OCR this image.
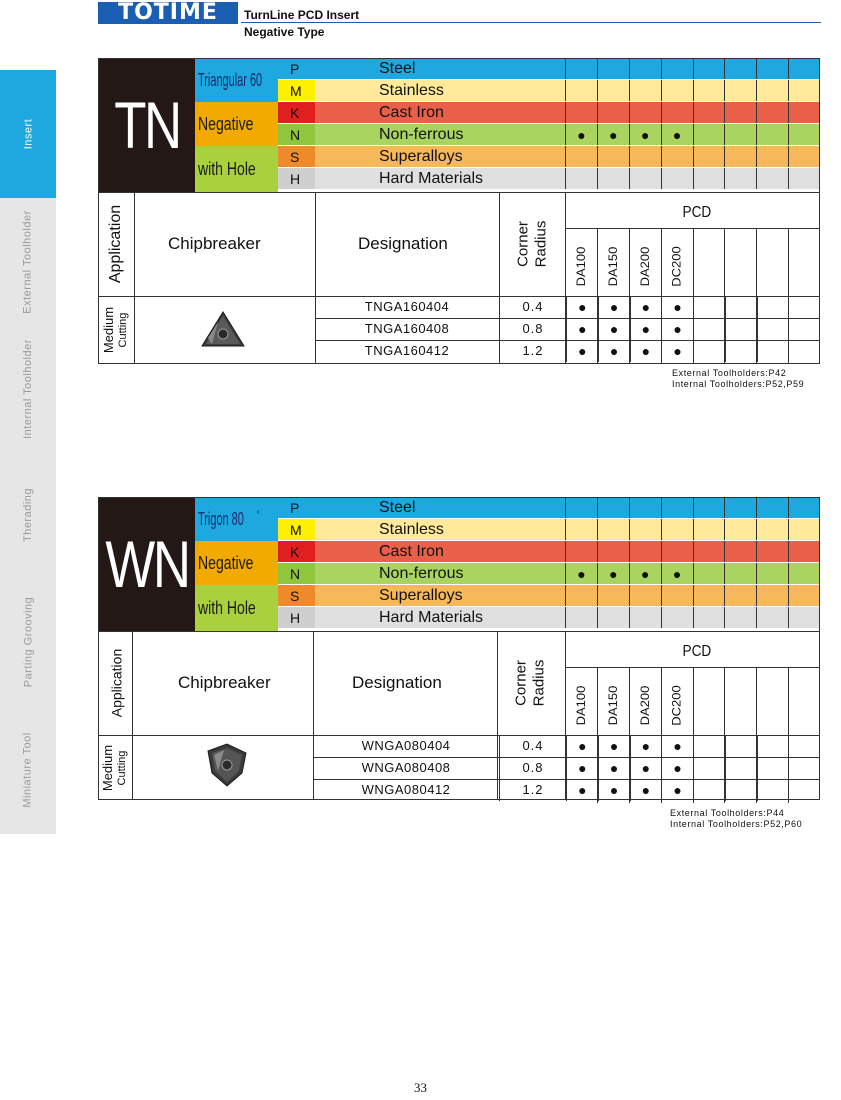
TOTIME	TurnLine PCD Insert
Negative Type
Insert
External Toolholder
Internal Toolholder
Therading
Parting Grooving
Miniature Tool
TN
Triangular 60
Negative
with Hole
P	Steel
M	Stainless
K	Cast Iron
N	Non-ferrous	●	●	●	●
S	Superalloys
H	Hard Materials
Application	Chipbreaker	Designation	Corner
Radius
PCD
DA100 DA150 DA200 DC200
Medium
Cutting
TNGA160404	0.4	●	●	●	●
TNGA160408	0.8	●	●	●	●
TNGA160412	1.2	●	●	●	●
External Toolholders:P42
Internal Toolholders:P52,P59
WN
Trigon 80 °
Negative
with Hole
P	Steel
M	Stainless
K	Cast Iron
N	Non-ferrous	●	●	●	●
S	Superalloys
H	Hard Materials
Application	Chipbreaker	Designation	Corner
Radius
PCD
DA100 DA150 DA200 DC200
Medium
Cutting
WNGA080404	0.4	●	●	●	●
WNGA080408	0.8	●	●	●	●
WNGA080412	1.2	●	●	●	●
External Toolholders:P44
Internal Toolholders:P52,P60
33
